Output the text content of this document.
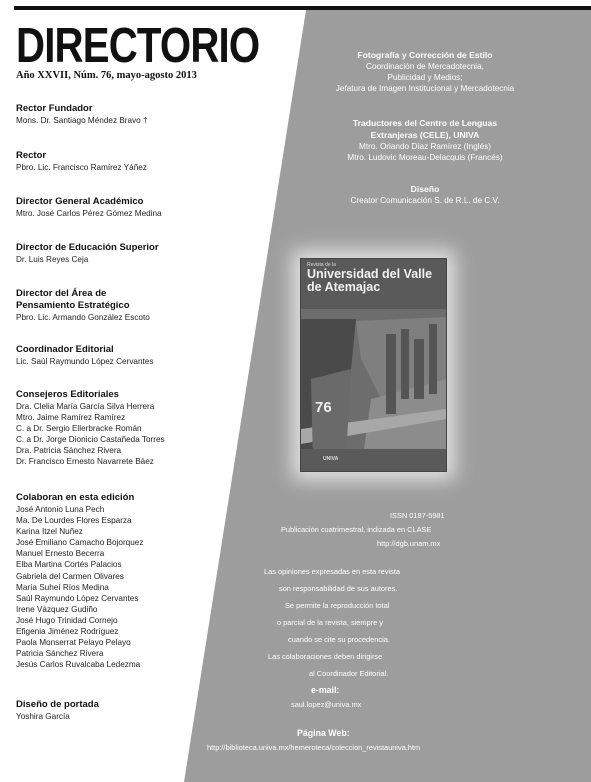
DIRECTORIO
Año XXVII, Núm. 76, mayo-agosto 2013
Rector Fundador
Mons. Dr. Santiago Méndez Bravo †
Rector
Pbro. Lic. Francisco Ramírez Yáñez
Director General Académico
Mtro. José Carlos Pérez Gómez Medina
Director de Educación Superior
Dr. Luis Reyes Ceja
Director del Área de
Pensamiento Estratégico
Pbro. Lic. Armando González Escoto
Coordinador Editorial
Lic. Saúl Raymundo López Cervantes
Consejeros Editoriales
Dra. Clelia María García Silva Herrera
Mtro. Jaime Ramírez Ramírez
C. a Dr. Sergio Ellerbracke Román
C. a Dr. Jorge Dionicio Castañeda Torres
Dra. Patricia Sánchez Rivera
Dr. Francisco Ernesto Navarrete Báez
Colaboran en esta edición
José Antonio Luna Pech
Ma. De Lourdes Flores Esparza
Karina Itzel Nuñez
José Emiliano Camacho Bojorquez
Manuel Ernesto Becerra
Elba Martina Cortés Palacios
Gabriela del Carmen Olivares
María Suheí Ríos Medina
Saúl Raymundo López Cervantes
Irene Vázquez Gudiño
José Hugo Trinidad Cornejo
Efigenia Jiménez Rodríguez
Paola Monserrat Pelayo Pelayo
Patricia Sánchez Rivera
Jesús Carlos Ruvalcaba Ledezma
Diseño de portada
Yoshira García
Fotografía y Corrección de Estilo
Coordinación de Mercadotecnia,
Publicidad y Medios;
Jefatura de Imagen Institucional y Mercadotecnia
Traductores del Centro de Lenguas
Extranjeras (CELE), UNIVA
Mtro. Orlando Díaz Ramírez (Inglés)
Mtro. Ludovic Moreau-Delacquis (Francés)
Diseño
Creator Comunicación S. de R.L. de C.V.
Revista de la
Universidad del Valle de Atemajac
76
UNIVA
ISSN 0187-5981
Publicación cuatrimestral, indizada en CLASE
http://dgb.unam.mx
Las opiniones expresadas en esta revista
son responsabilidad de sus autores.
Se permite la reproducción total
o parcial de la revista, siempre y
cuando se cite su procedencia.
Las colaboraciones deben dirigirse
al Coordinador Editorial.
e-mail:
saul.lopez@univa.mx
Página Web:
http://biblioteca.univa.mx/hemeroteca/coleccion_revistauniva.htm
